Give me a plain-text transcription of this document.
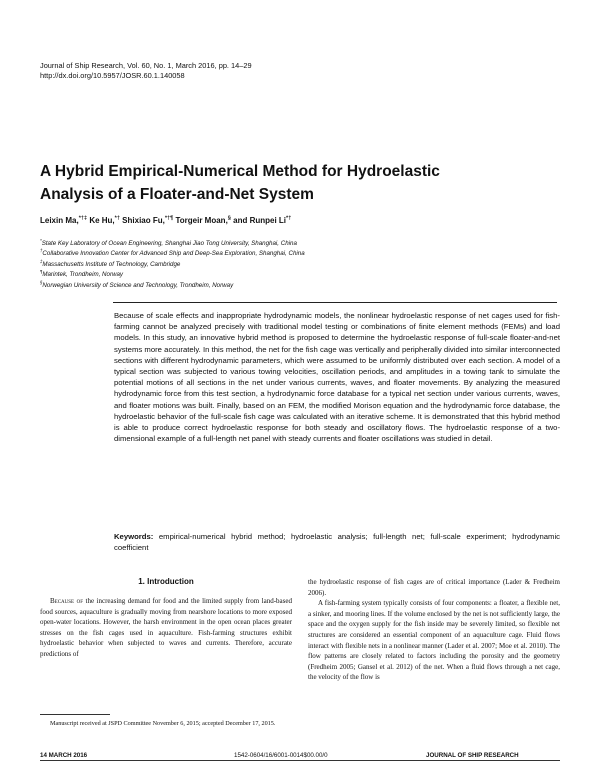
Journal of Ship Research, Vol. 60, No. 1, March 2016, pp. 14–29
http://dx.doi.org/10.5957/JOSR.60.1.140058
A Hybrid Empirical-Numerical Method for Hydroelastic
Analysis of a Floater-and-Net System
Leixin Ma,*†‡ Ke Hu,*† Shixiao Fu,*†¶ Torgeir Moan,§ and Runpei Li*†
*State Key Laboratory of Ocean Engineering, Shanghai Jiao Tong University, Shanghai, China
†Collaborative Innovation Center for Advanced Ship and Deep-Sea Exploration, Shanghai, China
‡Massachusetts Institute of Technology, Cambridge
¶Marintek, Trondheim, Norway
§Norwegian University of Science and Technology, Trondheim, Norway
Because of scale effects and inappropriate hydrodynamic models, the nonlinear hydroelastic response of net cages used for fish-farming cannot be analyzed precisely with traditional model testing or combinations of finite element methods (FEMs) and load models. In this study, an innovative hybrid method is proposed to determine the hydroelastic response of full-scale floater-and-net systems more accurately. In this method, the net for the fish cage was vertically and peripherally divided into similar interconnected sections with different hydrodynamic parameters, which were assumed to be uniformly distributed over each section. A model of a typical section was subjected to various towing velocities, oscillation periods, and amplitudes in a towing tank to simulate the potential motions of all sections in the net under various currents, waves, and floater movements. By analyzing the measured hydrodynamic force from this test section, a hydrodynamic force database for a typical net section under various currents, waves, and floater motions was built. Finally, based on an FEM, the modified Morison equation and the hydrodynamic force database, the hydroelastic behavior of the full-scale fish cage was calculated with an iterative scheme. It is demonstrated that this hybrid method is able to produce correct hydroelastic response for both steady and oscillatory flows. The hydroelastic response of a two-dimensional example of a full-length net panel with steady currents and floater oscillations was studied in detail.
Keywords: empirical-numerical hybrid method; hydroelastic analysis; full-length net; full-scale experiment; hydrodynamic coefficient
1. Introduction

Because of the increasing demand for food and the limited supply from land-based food sources, aquaculture is gradually moving from nearshore locations to more exposed open-water locations. However, the harsh environment in the open ocean places greater stresses on the fish cages used in aquaculture. Fish-farming structures exhibit hydroelastic behavior when subjected to waves and currents. Therefore, accurate predictions of

the hydroelastic response of fish cages are of critical importance (Lader & Fredheim 2006).

A fish-farming system typically consists of four components: a floater, a flexible net, a sinker, and mooring lines. If the volume enclosed by the net is not sufficiently large, the space and the oxygen supply for the fish inside may be severely limited, so flexible net structures are considered an essential component of an aquaculture cage. Fluid flows interact with flexible nets in a nonlinear manner (Lader et al. 2007; Moe et al. 2010). The flow patterns are closely related to factors including the porosity and the geometry (Fredheim 2005; Gansel et al. 2012) of the net. When a fluid flows through a net cage, the velocity of the flow is

Manuscript received at JSPD Committee November 6, 2015; accepted December 17, 2015.
14 MARCH 2016	1542-0604/16/6001-0014$00.00/0	JOURNAL OF SHIP RESEARCH
